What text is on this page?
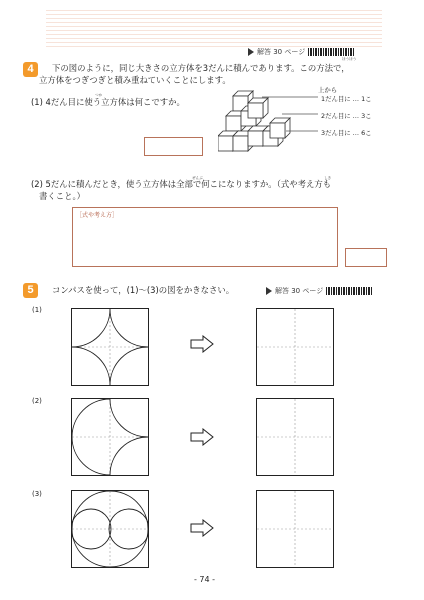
解答 30 ページ
4
ほうほう
下の図のように，同じ大きさの立方体を3だんに積んであります。この方法で，
立方体をつぎつぎと積み重ねていくことにします。
つか
(1) 4だん目に使う立方体は何こですか。
上から
1だん目に … 1こ
2だん目に … 3こ
3だん目に … 6こ
ぜんぶ	しき
(2) 5だんに積んだとき，使う立方体は全部で何こになりますか。（式や考え方も
書くこと。）
［式や考え方］
5	コンパスを使って，(1)～(3)の図をかきなさい。	解答 30 ページ
(1)
(2)
(3)
- 74 -
